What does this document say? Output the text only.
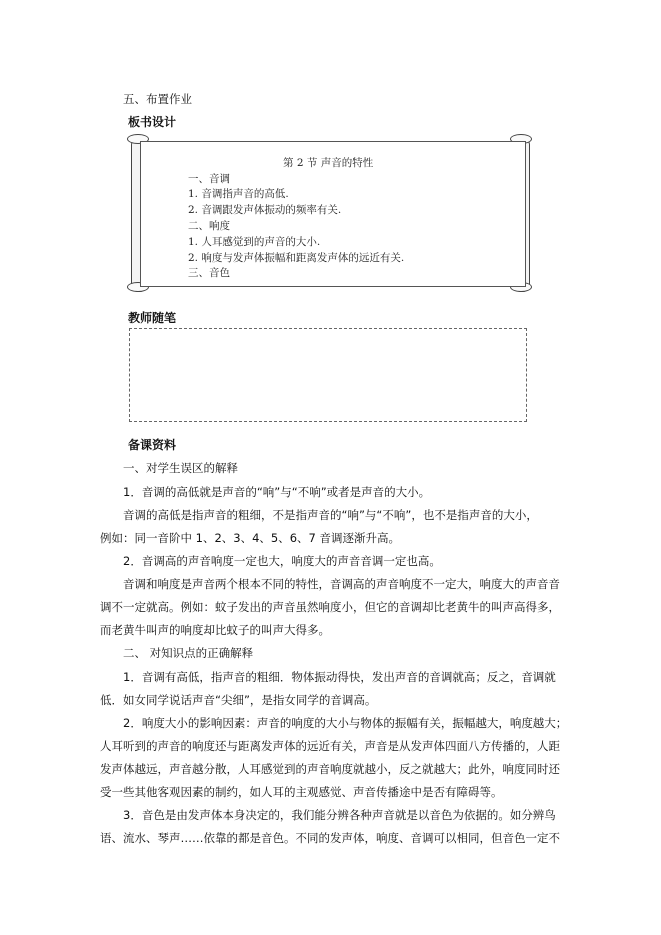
五、布置作业
板书设计
第 2 节 声音的特性
一、音调
1. 音调指声音的高低.
2. 音调跟发声体振动的频率有关.
二、响度
1. 人耳感觉到的声音的大小.
2. 响度与发声体振幅和距离发声体的远近有关.
三、音色
教师随笔
备课资料
一、对学生误区的解释
1．音调的高低就是声音的“响”与“不响”或者是声音的大小。
音调的高低是指声音的粗细，不是指声音的“响”与“不响”，也不是指声音的大小，
例如：同一音阶中 1、2、3、4、5、6、7 音调逐渐升高。
2．音调高的声音响度一定也大，响度大的声音音调一定也高。
音调和响度是声音两个根本不同的特性，音调高的声音响度不一定大，响度大的声音音
调不一定就高。例如：蚊子发出的声音虽然响度小，但它的音调却比老黄牛的叫声高得多，
而老黄牛叫声的响度却比蚊子的叫声大得多。
二、 对知识点的正确解释
1．音调有高低，指声音的粗细．物体振动得快，发出声音的音调就高；反之，音调就
低．如女同学说话声音“尖细”，是指女同学的音调高。
2．响度大小的影响因素：声音的响度的大小与物体的振幅有关，振幅越大，响度越大；
人耳听到的声音的响度还与距离发声体的远近有关，声音是从发声体四面八方传播的，人距
发声体越远，声音越分散，人耳感觉到的声音响度就越小，反之就越大；此外，响度同时还
受一些其他客观因素的制约，如人耳的主观感觉、声音传播途中是否有障碍等。
3．音色是由发声体本身决定的，我们能分辨各种声音就是以音色为依据的。如分辨鸟
语、流水、琴声……依靠的都是音色。不同的发声体，响度、音调可以相同，但音色一定不
